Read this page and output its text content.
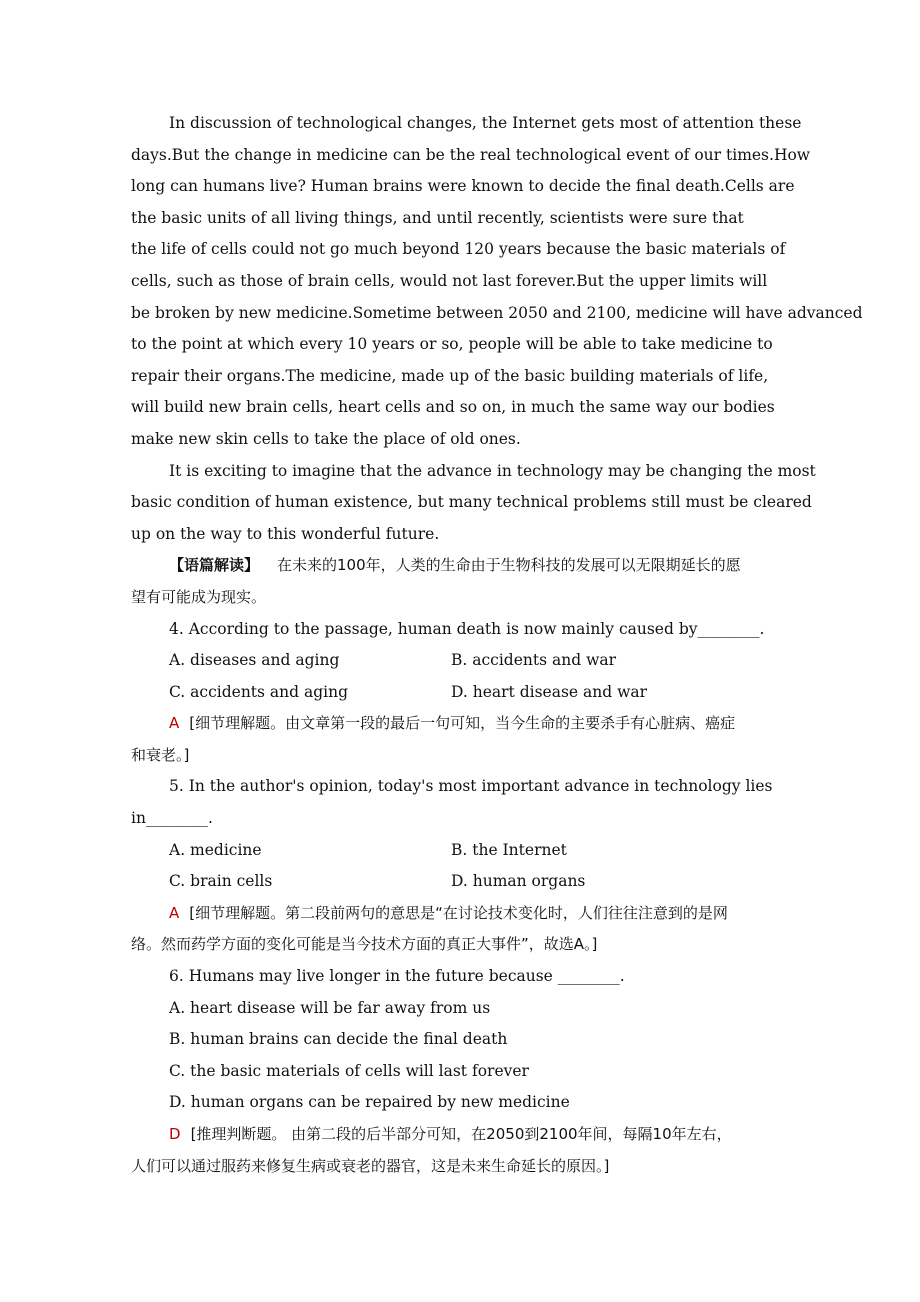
In discussion of technological changes, the Internet gets most of attention these
days.But the change in medicine can be the real technological event of our times.How
long can humans live? Human brains were known to decide the final death.Cells are
the basic units of all living things, and until recently, scientists were sure that
the life of cells could not go much beyond 120 years because the basic materials of
cells, such as those of brain cells, would not last forever.But the upper limits will
be broken by new medicine.Sometime between 2050 and 2100, medicine will have advanced
to the point at which every 10 years or so, people will be able to take medicine to
repair their organs.The medicine, made up of the basic building materials of life,
will build new brain cells, heart cells and so on, in much the same way our bodies
make new skin cells to take the place of old ones.
It is exciting to imagine that the advance in technology may be changing the most
basic condition of human existence, but many technical problems still must be cleared
up on the way to this wonderful future.
【语篇解读】 在未来的100年，人类的生命由于生物科技的发展可以无限期延长的愿
望有可能成为现实。
4. According to the passage, human death is now mainly caused by________.
A. diseases and aging	B. accidents and war
C. accidents and aging	D. heart disease and war
A [细节理解题。由文章第一段的最后一句可知，当今生命的主要杀手有心脏病、癌症
和衰老。]
5. In the author's opinion, today's most important advance in technology lies
in________.
A. medicine	B. the Internet
C. brain cells	D. human organs
A [细节理解题。第二段前两句的意思是“在讨论技术变化时，人们往往注意到的是网
络。然而药学方面的变化可能是当今技术方面的真正大事件”，故选A。]
6. Humans may live longer in the future because ________.
A. heart disease will be far away from us
B. human brains can decide the final death
C. the basic materials of cells will last forever
D. human organs can be repaired by new medicine
D [推理判断题。 由第二段的后半部分可知，在2050到2100年间，每隔10年左右，
人们可以通过服药来修复生病或衰老的器官，这是未来生命延长的原因。]
